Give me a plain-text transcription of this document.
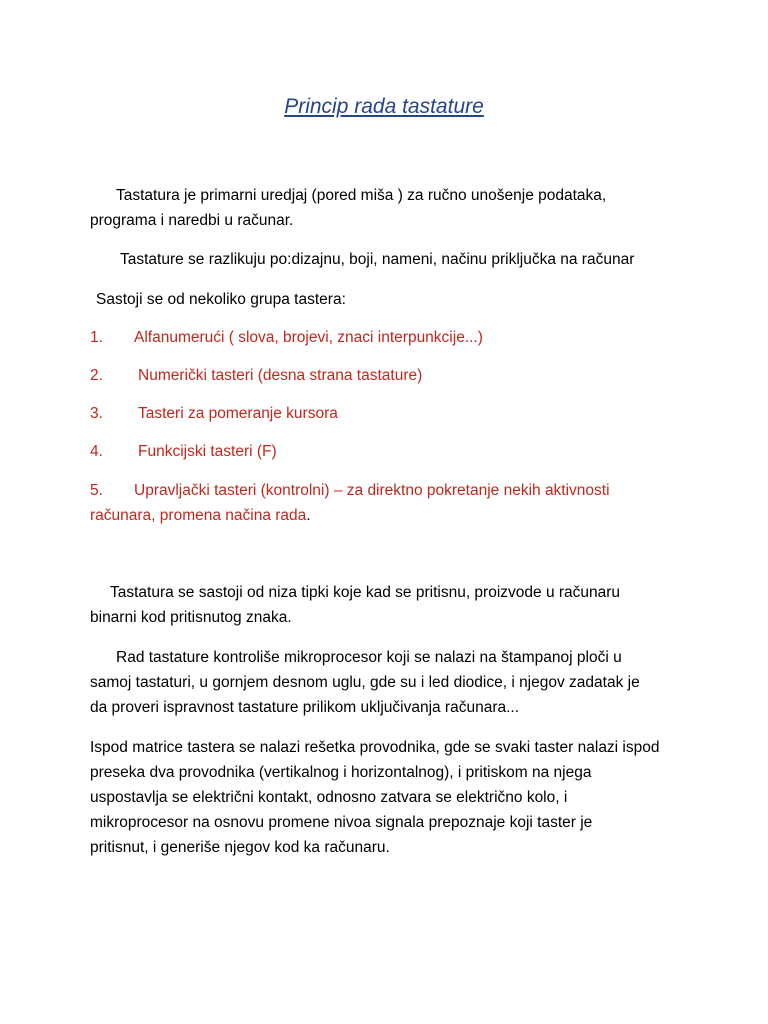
Princip rada tastature
Tastatura je primarni uredjaj (pored miša ) za ručno unošenje podataka,
programa i naredbi u računar.
Tastature se razlikuju po:dizajnu, boji, nameni, načinu priključka na računar
Sastoji se od nekoliko grupa tastera:
1. Alfanumerući ( slova, brojevi, znaci interpunkcije...)
2. Numerički tasteri (desna strana tastature)
3. Tasteri za pomeranje kursora
4. Funkcijski tasteri (F)
5. Upravljački tasteri (kontrolni) – za direktno pokretanje nekih aktivnosti
računara, promena načina rada.
Tastatura se sastoji od niza tipki koje kad se pritisnu, proizvode u računaru
binarni kod pritisnutog znaka.
Rad tastature kontroliše mikroprocesor koji se nalazi na štampanoj ploči u
samoj tastaturi, u gornjem desnom uglu, gde su i led diodice, i njegov zadatak je
da proveri ispravnost tastature prilikom uključivanja računara...
Ispod matrice tastera se nalazi rešetka provodnika, gde se svaki taster nalazi ispod
preseka dva provodnika (vertikalnog i horizontalnog), i pritiskom na njega
uspostavlja se električni kontakt, odnosno zatvara se električno kolo, i
mikroprocesor na osnovu promene nivoa signala prepoznaje koji taster je
pritisnut, i generiše njegov kod ka računaru.
